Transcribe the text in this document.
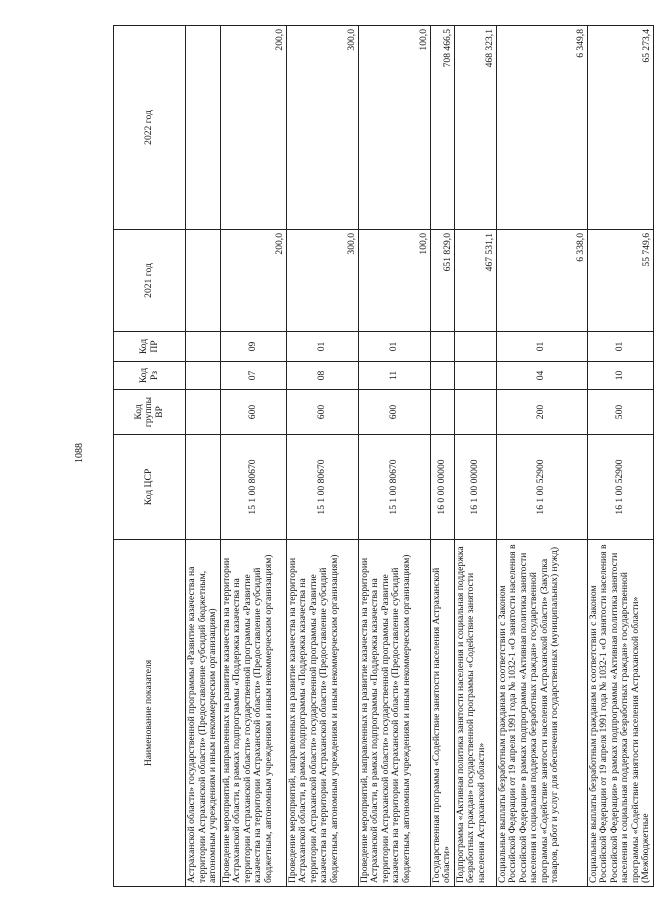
1088
Наименование показателя	Код ЦСР	Код группы ВР	Код Рз	Код ПР	2021 год	2022 год
Астраханской области» государственной программы «Развитие казачества на территории Астраханской области» (Предоставление субсидий бюджетным, автономным учреждениям и иным некоммерческим организациям)						
Проведение мероприятий, направленных на развитие казачества на территории Астраханской области, в рамках подпрограммы «Поддержка казачества на территории Астраханской области» государственной программы «Развитие казачества на территории Астраханской области» (Предоставление субсидий бюджетным, автономным учреждениям и иным некоммерческим организациям)	15 1 00 80670	600	07	09	200,0	200,0
Проведение мероприятий, направленных на развитие казачества на территории Астраханской области, в рамках подпрограммы «Поддержка казачества на территории Астраханской области» государственной программы «Развитие казачества на территории Астраханской области» (Предоставление субсидий бюджетным, автономным учреждениям и иным некоммерческим организациям)	15 1 00 80670	600	08	01	300,0	300,0
Проведение мероприятий, направленных на развитие казачества на территории Астраханской области, в рамках подпрограммы «Поддержка казачества на территории Астраханской области» государственной программы «Развитие казачества на территории Астраханской области» (Предоставление субсидий бюджетным, автономным учреждениям и иным некоммерческим организациям)	15 1 00 80670	600	11	01	100,0	100,0
Государственная программа «Содействие занятости населения Астраханской области»	16 0 00 00000				651 829,0	708 466,5
Подпрограмма «Активная политика занятости населения и социальная поддержка безработных граждан» государственной программы «Содействие занятости населения Астраханской области»	16 1 00 00000				467 531,1	468 323,1
Социальные выплаты безработным гражданам в соответствии с Законом Российской Федерации от 19 апреля 1991 года № 1032-1 «О занятости населения в Российской Федерации» в рамках подпрограммы «Активная политика занятости населения и социальная поддержка безработных граждан» государственной программы «Содействие занятости населения Астраханской области» (Закупка товаров, работ и услуг для обеспечения государственных (муниципальных) нужд)	16 1 00 52900	200	04	01	6 338,0	6 349,8
Социальные выплаты безработным гражданам в соответствии с Законом Российской Федерации от 19 апреля 1991 года № 1032-1 «О занятости населения в Российской Федерации» в рамках подпрограммы «Активная политика занятости населения и социальная поддержка безработных граждан» государственной программы «Содействие занятости населения Астраханской области» (Межбюджетные	16 1 00 52900	500	10	01	55 749,6	65 273,4
